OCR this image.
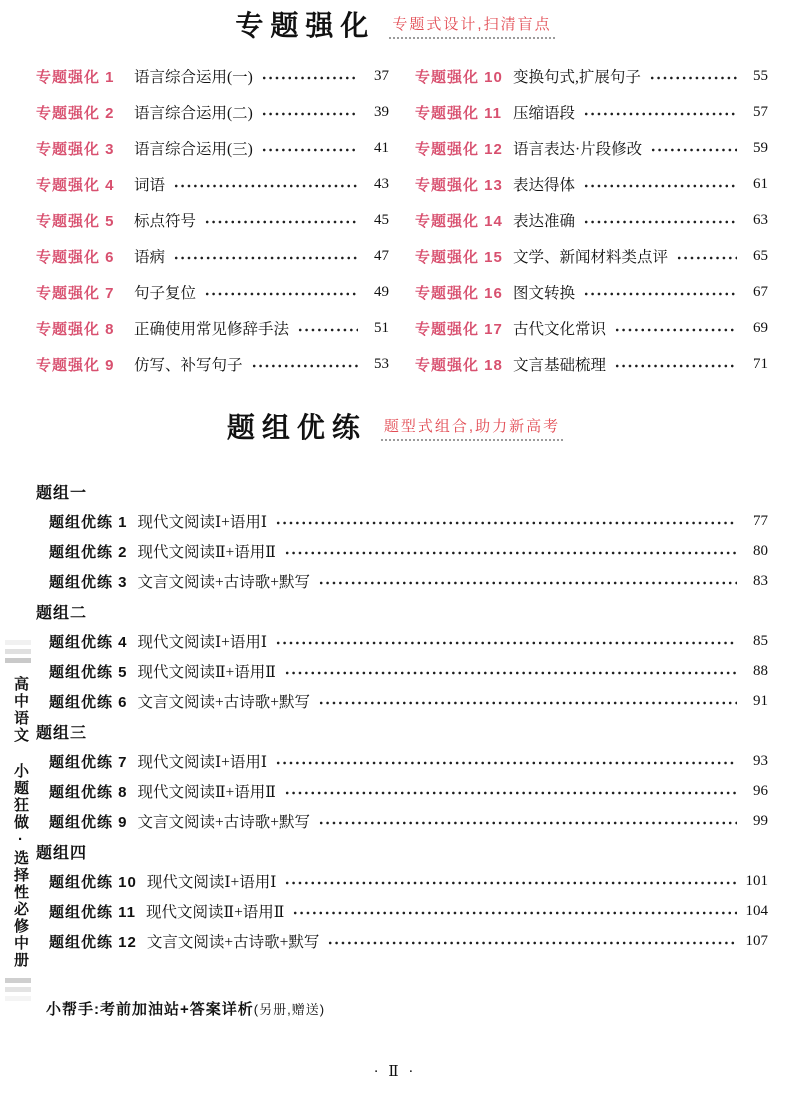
专题强化 专题式设计,扫清盲点
专题强化 1	语言综合运用(一)	37
专题强化 2	语言综合运用(二)	39
专题强化 3	语言综合运用(三)	41
专题强化 4	词语	43
专题强化 5	标点符号	45
专题强化 6	语病	47
专题强化 7	句子复位	49
专题强化 8	正确使用常见修辞手法	51
专题强化 9	仿写、补写句子	53
专题强化 10 变换句式,扩展句子	55
专题强化 11 压缩语段	57
专题强化 12 语言表达·片段修改	59
专题强化 13 表达得体	61
专题强化 14 表达准确	63
专题强化 15 文学、新闻材料类点评	65
专题强化 16 图文转换	67
专题强化 17 古代文化常识	69
专题强化 18 文言基础梳理	71
题组优练 题型式组合,助力新高考
题组一
题组优练 1 现代文阅读Ⅰ+语用Ⅰ	77
题组优练 2 现代文阅读Ⅱ+语用Ⅱ	80
题组优练 3 文言文阅读+古诗歌+默写	83
题组二
题组优练 4 现代文阅读Ⅰ+语用Ⅰ	85
题组优练 5 现代文阅读Ⅱ+语用Ⅱ	88
题组优练 6 文言文阅读+古诗歌+默写	91
题组三
题组优练 7 现代文阅读Ⅰ+语用Ⅰ	93
题组优练 8 现代文阅读Ⅱ+语用Ⅱ	96
题组优练 9 文言文阅读+古诗歌+默写	99
题组四
题组优练 10 现代文阅读Ⅰ+语用Ⅰ	101
题组优练 11 现代文阅读Ⅱ+语用Ⅱ	104
题组优练 12 文言文阅读+古诗歌+默写	107
小帮手:考前加油站+答案详析(另册,赠送)
· Ⅱ ·
高中语文 小题狂做·选择性必修中册
